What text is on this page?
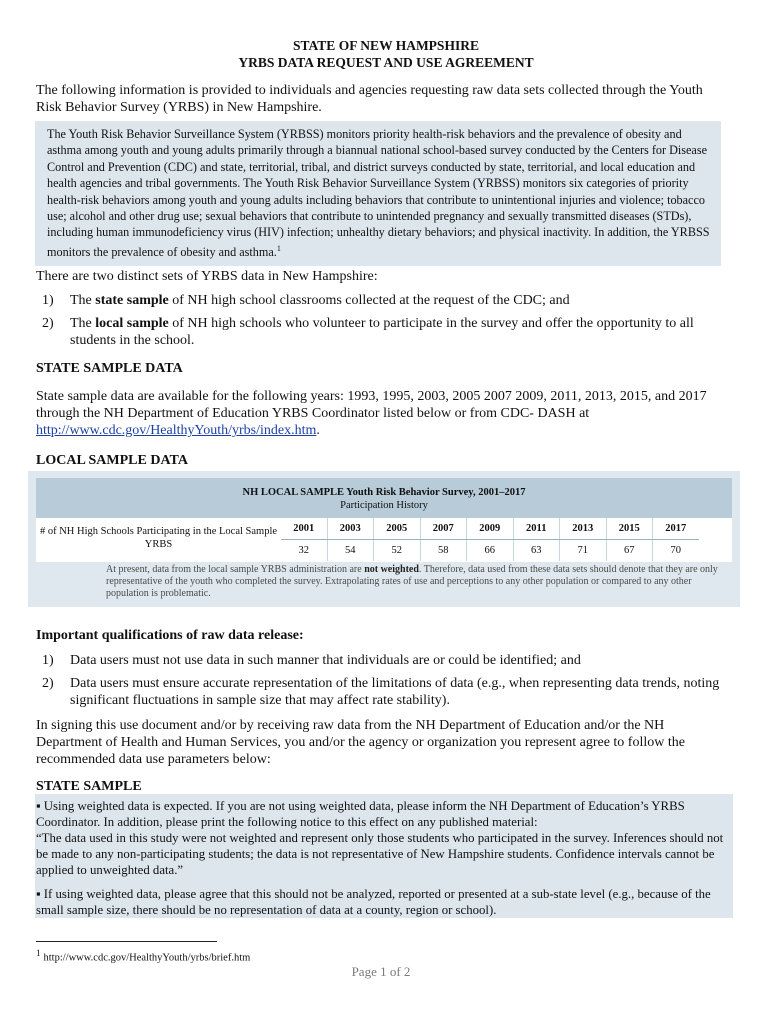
STATE OF NEW HAMPSHIRE
YRBS DATA REQUEST AND USE AGREEMENT
The following information is provided to individuals and agencies requesting raw data sets collected through the Youth Risk Behavior Survey (YRBS) in New Hampshire.
The Youth Risk Behavior Surveillance System (YRBSS) monitors priority health-risk behaviors and the prevalence of obesity and asthma among youth and young adults primarily through a biannual national school-based survey conducted by the Centers for Disease Control and Prevention (CDC) and state, territorial, tribal, and district surveys conducted by state, territorial, and local education and health agencies and tribal governments. The Youth Risk Behavior Surveillance System (YRBSS) monitors six categories of priority health-risk behaviors among youth and young adults including behaviors that contribute to unintentional injuries and violence; tobacco use; alcohol and other drug use; sexual behaviors that contribute to unintended pregnancy and sexually transmitted diseases (STDs), including human immunodeficiency virus (HIV) infection; unhealthy dietary behaviors; and physical inactivity. In addition, the YRBSS monitors the prevalence of obesity and asthma.$^1$
There are two distinct sets of YRBS data in New Hampshire:
1) The state sample of NH high school classrooms collected at the request of the CDC; and
2) The local sample of NH high schools who volunteer to participate in the survey and offer the opportunity to all students in the school.
STATE SAMPLE DATA
State sample data are available for the following years: 1993, 1995, 2003, 2005 2007 2009, 2011, 2013, 2015, and 2017 through the NH Department of Education YRBS Coordinator listed below or from CDC- DASH at http://www.cdc.gov/HealthyYouth/yrbs/index.htm.
LOCAL SAMPLE DATA
NH LOCAL SAMPLE Youth Risk Behavior Survey, 2001–2017
Participation History
# of NH High Schools Participating in the Local Sample YRBS
2001	2003	2005	2007	2009	2011	2013	2015	2017
32	54	52	58	66	63	71	67	70
At present, data from the local sample YRBS administration are not weighted. Therefore, data used from these data sets should denote that they are only representative of the youth who completed the survey. Extrapolating rates of use and perceptions to any other population or compared to any other population is problematic.
Important qualifications of raw data release:
1) Data users must not use data in such manner that individuals are or could be identified; and
2) Data users must ensure accurate representation of the limitations of data (e.g., when representing data trends, noting significant fluctuations in sample size that may affect rate stability).
In signing this use document and/or by receiving raw data from the NH Department of Education and/or the NH Department of Health and Human Services, you and/or the agency or organization you represent agree to follow the recommended data use parameters below:
STATE SAMPLE

▪ Using weighted data is expected. If you are not using weighted data, please inform the NH Department of Education’s YRBS Coordinator. In addition, please print the following notice to this effect on any published material:

“The data used in this study were not weighted and represent only those students who participated in the survey. Inferences should not be made to any non-participating students; the data is not representative of New Hampshire students. Confidence intervals cannot be applied to unweighted data.”

▪ If using weighted data, please agree that this should not be analyzed, reported or presented at a sub-state level (e.g., because of the small sample size, there should be no representation of data at a county, region or school).

$^1$ http://www.cdc.gov/HealthyYouth/yrbs/brief.htm
Page 1 of 2
